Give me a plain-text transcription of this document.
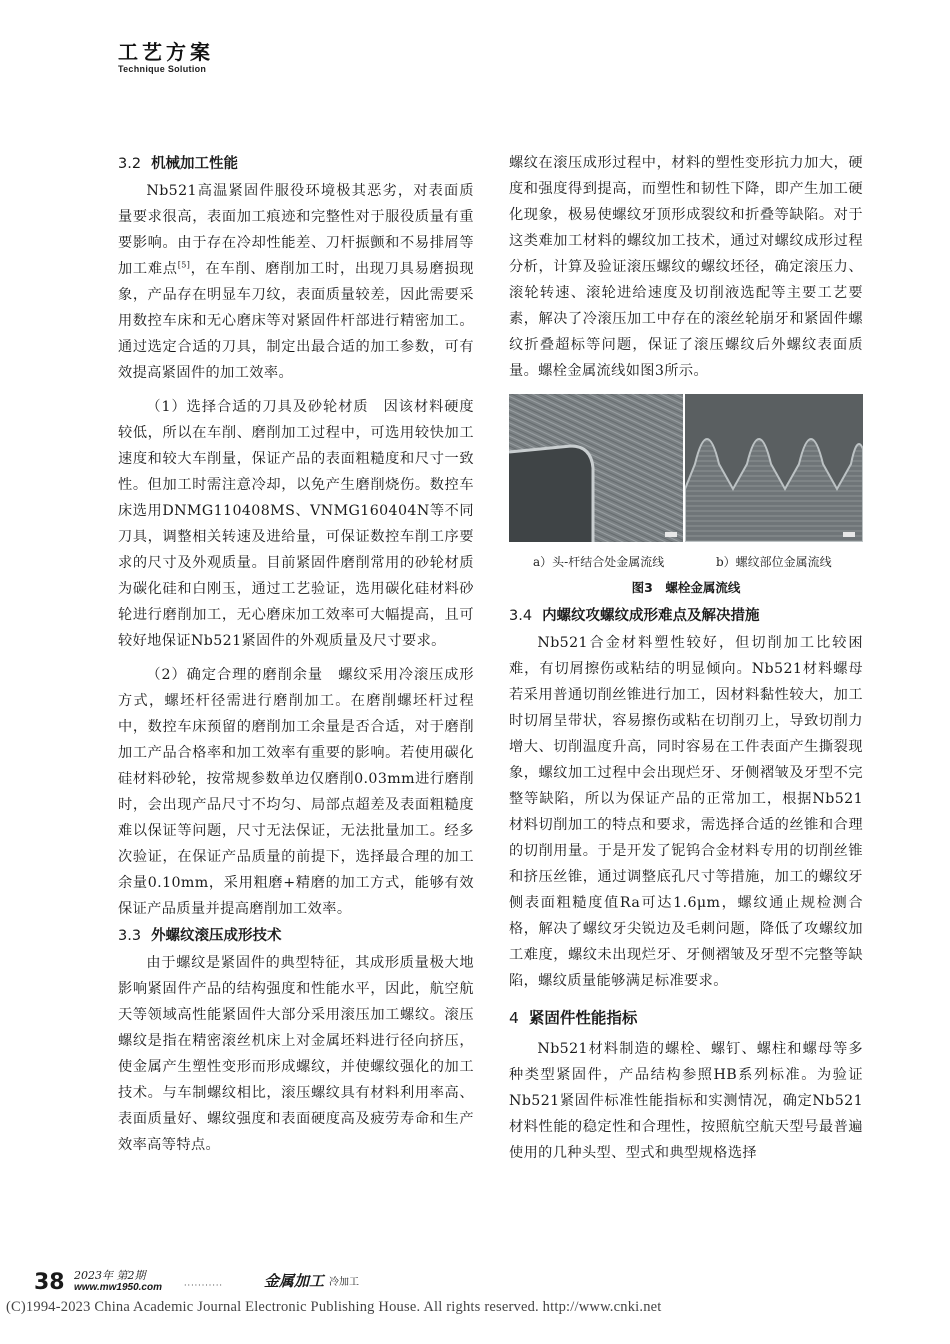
工艺方案
Technique Solution

3.2 机械加工性能

Nb521高温紧固件服役环境极其恶劣，对表面质量要求很高，表面加工痕迹和完整性对于服役质量有重要影响。由于存在冷却性能差、刀杆振颤和不易排屑等加工难点[5]，在车削、磨削加工时，出现刀具易磨损现象，产品存在明显车刀纹，表面质量较差，因此需要采用数控车床和无心磨床等对紧固件杆部进行精密加工。通过选定合适的刀具，制定出最合适的加工参数，可有效提高紧固件的加工效率。

（1）选择合适的刀具及砂轮材质　因该材料硬度较低，所以在车削、磨削加工过程中，可选用较快加工速度和较大车削量，保证产品的表面粗糙度和尺寸一致性。但加工时需注意冷却，以免产生磨削烧伤。数控车床选用DNMG110408MS、VNMG160404N等不同刀具，调整相关转速及进给量，可保证数控车削工序要求的尺寸及外观质量。目前紧固件磨削常用的砂轮材质为碳化硅和白刚玉，通过工艺验证，选用碳化硅材料砂轮进行磨削加工，无心磨床加工效率可大幅提高，且可较好地保证Nb521紧固件的外观质量及尺寸要求。

（2）确定合理的磨削余量　螺纹采用冷滚压成形方式，螺坯杆径需进行磨削加工。在磨削螺坯杆过程中，数控车床预留的磨削加工余量是否合适，对于磨削加工产品合格率和加工效率有重要的影响。若使用碳化硅材料砂轮，按常规参数单边仅磨削0.03mm进行磨削时，会出现产品尺寸不均匀、局部点超差及表面粗糙度难以保证等问题，尺寸无法保证，无法批量加工。经多次验证，在保证产品质量的前提下，选择最合理的加工余量0.10mm，采用粗磨+精磨的加工方式，能够有效保证产品质量并提高磨削加工效率。

3.3 外螺纹滚压成形技术

由于螺纹是紧固件的典型特征，其成形质量极大地影响紧固件产品的结构强度和性能水平，因此，航空航天等领域高性能紧固件大部分采用滚压加工螺纹。滚压螺纹是指在精密滚丝机床上对金属坯料进行径向挤压，使金属产生塑性变形而形成螺纹，并使螺纹强化的加工技术。与车制螺纹相比，滚压螺纹具有材料利用率高、表面质量好、螺纹强度和表面硬度高及疲劳寿命和生产效率高等特点。

螺纹在滚压成形过程中，材料的塑性变形抗力加大，硬度和强度得到提高，而塑性和韧性下降，即产生加工硬化现象，极易使螺纹牙顶形成裂纹和折叠等缺陷。对于这类难加工材料的螺纹加工技术，通过对螺纹成形过程分析，计算及验证滚压螺纹的螺纹坯径，确定滚压力、滚轮转速、滚轮进给速度及切削液选配等主要工艺要素，解决了冷滚压加工中存在的滚丝轮崩牙和紧固件螺纹折叠超标等问题，保证了滚压螺纹后外螺纹表面质量。螺栓金属流线如图3所示。

a）头-杆结合处金属流线	b）螺纹部位金属流线
图3　螺栓金属流线

3.4 内螺纹攻螺纹成形难点及解决措施

Nb521合金材料塑性较好，但切削加工比较困难，有切屑擦伤或粘结的明显倾向。Nb521材料螺母若采用普通切削丝锥进行加工，因材料黏性较大，加工时切屑呈带状，容易擦伤或粘在切削刃上，导致切削力增大、切削温度升高，同时容易在工件表面产生撕裂现象，螺纹加工过程中会出现烂牙、牙侧褶皱及牙型不完整等缺陷，所以为保证产品的正常加工，根据Nb521材料切削加工的特点和要求，需选择合适的丝锥和合理的切削用量。于是开发了铌钨合金材料专用的切削丝锥和挤压丝锥，通过调整底孔尺寸等措施，加工的螺纹牙侧表面粗糙度值Ra可达1.6μm，螺纹通止规检测合格，解决了螺纹牙尖锐边及毛刺问题，降低了攻螺纹加工难度，螺纹未出现烂牙、牙侧褶皱及牙型不完整等缺陷，螺纹质量能够满足标准要求。

4 紧固件性能指标

Nb521材料制造的螺栓、螺钉、螺柱和螺母等多种类型紧固件，产品结构参照HB系列标准。为验证Nb521紧固件标准性能指标和实测情况，确定Nb521材料性能的稳定性和合理性，按照航空航天型号最普遍使用的几种头型、型式和典型规格选择

38 2023年 第2期
www.mw1950.com	···········	金属加工 冷加工
(C)1994-2023 China Academic Journal Electronic Publishing House. All rights reserved. http://www.cnki.net
